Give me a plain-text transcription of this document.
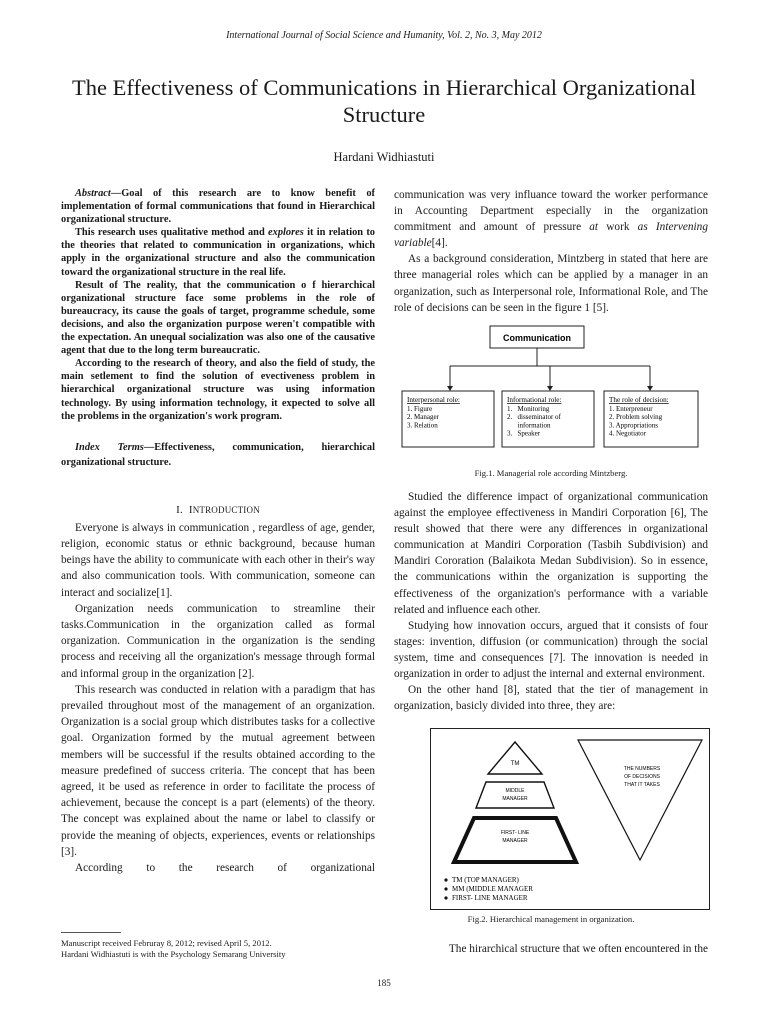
International Journal of Social Science and Humanity, Vol. 2, No. 3, May 2012
The Effectiveness of Communications in Hierarchical Organizational Structure
Hardani Widhiastuti

Abstract—Goal of this research are to know benefit of implementation of formal communications that found in Hierarchical organizational structure.

This research uses qualitative method and explores it in relation to the theories that related to communication in organizations, which apply in the organizational structure and also the communication toward the organizational structure in the real life.

Result of The reality, that the communication o f hierarchical organizational structure face some problems in the role of bureaucracy, its cause the goals of target, programme schedule, some decisions, and also the organization purpose weren't compatible with the expectation. An unequal socialization was also one of the causative agent that due to the long term bureaucratic.

According to the research of theory, and also the field of study, the main setlement to find the solution of evectiveness problem in hierarchical organizational structure was using information technology. By using information technology, it expected to solve all the problems in the organization's work program.

Index Terms—Effectiveness, communication, hierarchical organizational structure.

I. INTRODUCTION

Everyone is always in communication , regardless of age, gender, religion, economic status or ethnic background, because human beings have the ability to communicate with each other in their's way and also communication tools. With communication, someone can interact and socialize[1].

Organization needs communication to streamline their tasks.Communication in the organization called as formal organization. Communication in the organization is the sending process and receiving all the organization's message through formal and informal group in the organization [2].

This research was conducted in relation with a paradigm that has prevailed throughout most of the management of an organization. Organization is a social group which distributes tasks for a collective goal. Organization formed by the mutual agreement between members will be successful if the results obtained according to the measure predefined of success criteria. The concept that has been agreed, it be used as reference in order to facilitate the process of achievement, because the concept is a part (elements) of the theory. The concept was explained about the name or label to classify or provide the meaning of objects, experiences, events or relationships [3].

According to the research of organizational

communication was very influance toward the worker performance in Accounting Department especially in the organization commitment and amount of pressure at work as Intervening variable[4].

As a background consideration, Mintzberg in stated that here are three managerial roles which can be applied by a manager in an organization, such as Interpersonal role, Informational Role, and The role of decisions can be seen in the figure 1 [5].

Communication
Interpersonal role:
1. Figure
2. Manager
3. Relation
Informational role:
1.   Monitoring
2.   disseminator of
information
3.   Speaker
The role of decision:
1. Enterpreneur
2. Problem solving
3. Appropriations
4. Negotiator
Fig.1. Managerial role according Mintzberg.

Studied the difference impact of organizational communication against the employee effectiveness in Mandiri Corporation [6], The result showed that there were any differences in organizational communication at Mandiri Corporation (Tasbih Subdivision) and Mandiri Cororation (Balaikota Medan Subdivision). So in essence, the communications within the organization is supporting the effectiveness of the organization's performance with a variable related and influence each other.

Studying how innovation occurs, argued that it consists of four stages: invention, diffusion (or communication) through the social system, time and consequences [7]. The innovation is needed in organization in order to adjust the internal and external environment.

On the other hand [8], stated that the tier of management in organization, basicly divided into three, they are:

TM
MIDDLE
MANAGER
FIRST- LINE
MANAGER
THE NUMBERS
OF DECISIONS
THAT IT TAKES
TM (TOP MANAGER)
MM (MIDDLE MANAGER
FIRST- LINE MANAGER
Fig.2. Hierarchical management in organization.
The hirarchical structure that we often encountered in the
Manuscript received Februray 8, 2012; revised April 5, 2012.
Hardani Widhiastuti is with the Psychology Semarang University
185
